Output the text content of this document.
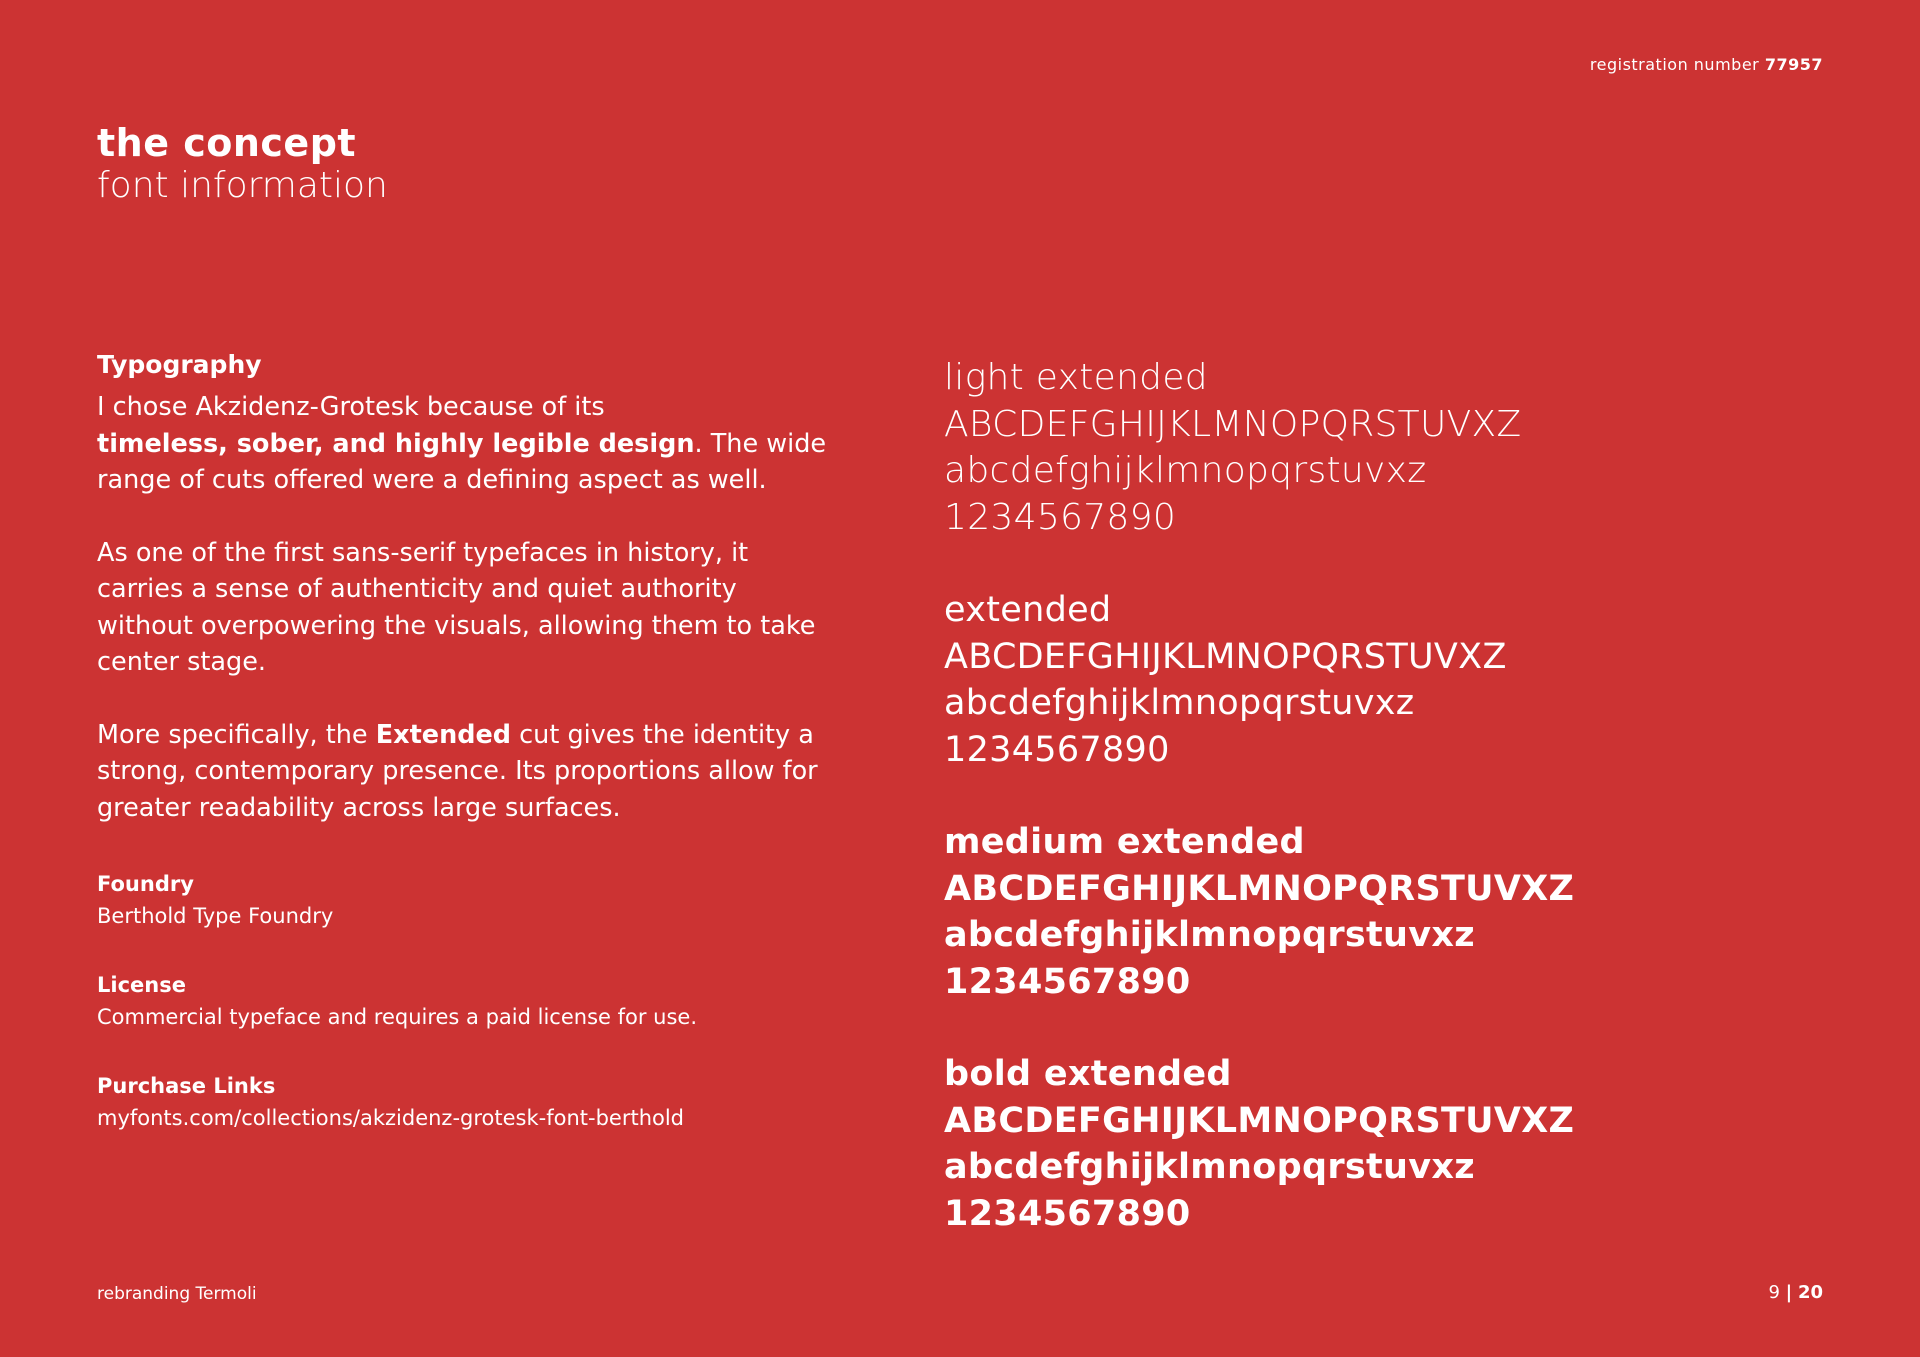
registration number 77957
the concept
font information
Typography

I chose Akzidenz-Grotesk because of its
timeless, sober, and highly legible design. The wide range of cuts offered were a defining aspect as well.

As one of the first sans-serif typefaces in history, it carries a sense of authenticity and quiet authority without overpowering the visuals, allowing them to take center stage.

More specifically, the Extended cut gives the identity a strong, contemporary presence. Its proportions allow for greater readability across large surfaces.

Foundry

Berthold Type Foundry

License

Commercial typeface and requires a paid license for use.

Purchase Links

myfonts.com/collections/akzidenz-grotesk-font-berthold

light extended
ABCDEFGHIJKLMNOPQRSTUVXZ
abcdefghijklmnopqrstuvxz
1234567890
extended
ABCDEFGHIJKLMNOPQRSTUVXZ
abcdefghijklmnopqrstuvxz
1234567890
medium extended
ABCDEFGHIJKLMNOPQRSTUVXZ
abcdefghijklmnopqrstuvxz
1234567890
bold extended
ABCDEFGHIJKLMNOPQRSTUVXZ
abcdefghijklmnopqrstuvxz
1234567890
rebranding Termoli	9 | 20
